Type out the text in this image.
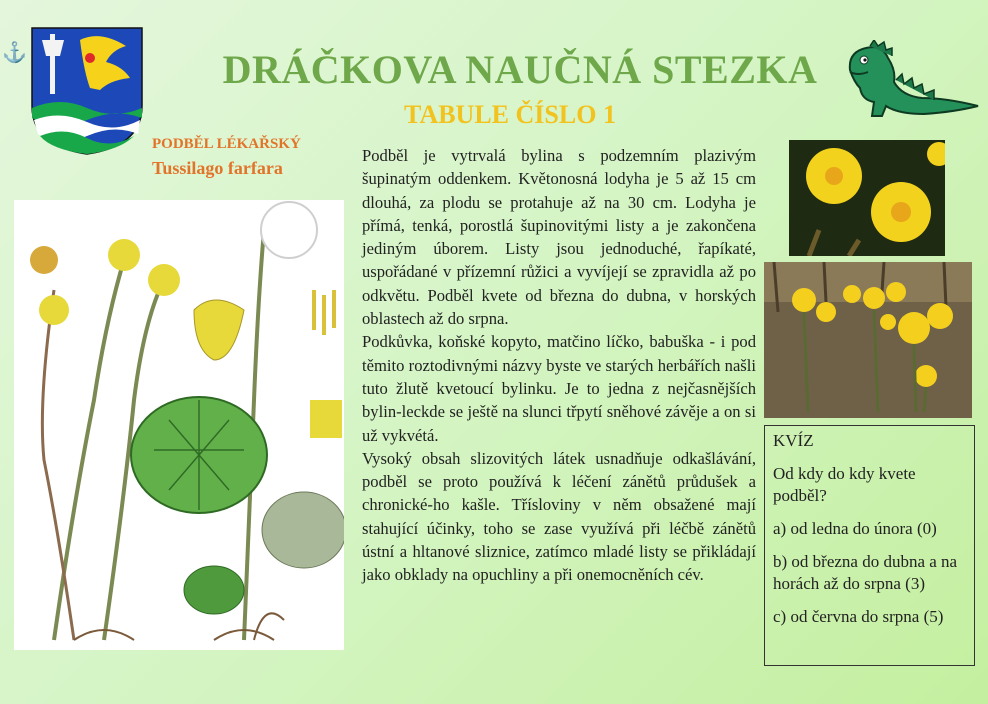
⚓	DRÁČKOVA NAUČNÁ STEZKA
TABULE ČÍSLO 1
PODBĚL LÉKAŘSKÝ
Tussilago farfara

Podběl je vytrvalá bylina s podzemním plazivým šupinatým oddenkem. Květonosná lodyha je 5 až 15 cm dlouhá, za plodu se protahuje až na 30 cm. Lodyha je přímá, tenká, porostlá šupinovitými listy a je zakončena jediným úborem. Listy jsou jednoduché, řapíkaté, uspořádané v přízemní růžici a vyvíjejí se zpravidla až po odkvětu. Podběl kvete od března do dubna, v horských oblastech až do srpna.

Podkůvka, koňské kopyto, matčino líčko, babuška - i pod těmito roztodivnými názvy byste ve starých herbářích našli tuto žlutě kvetoucí bylinku. Je to jedna z nejčasnějších bylin-leckde se ještě na slunci třpytí sněhové závěje a on si už vykvétá.

Vysoký obsah slizovitých látek usnadňuje odkašlávání, podběl se proto používá k léčení zánětů průdušek a chronické-ho kašle. Tříslovinу v něm obsažené mají stahující účinky, toho se zase využívá při léčbě zánětů ústní a hltanové sliznice, zatímco mladé listy se přikládají jako obklady na opuchliny a při onemocněních cév.

KVÍZ
Od kdy do kdy kvete podběl?
a) od ledna do února (0)
b) od března do dubna a na horách až do srpna (3)
c) od června do srpna (5)
